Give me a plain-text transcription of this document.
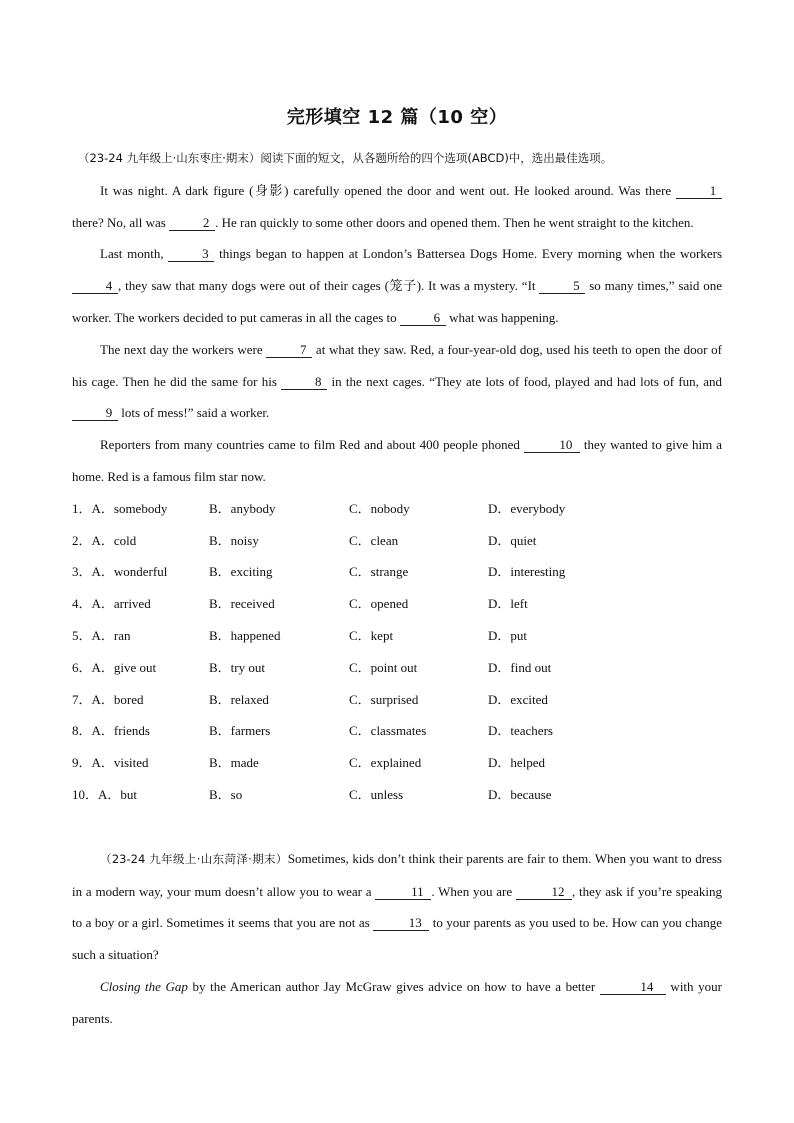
完形填空 12 篇（10 空）

（23-24 九年级上·山东枣庄·期末）阅读下面的短文，从各题所给的四个选项(ABCD)中，选出最佳选项。

It was night. A dark figure (身影) carefully opened the door and went out. He looked around. Was there	1 there? No, all was	2 . He ran quickly to some other doors and opened them. Then he went straight to the kitchen.

Last month,	3 things began to happen at London’s Battersea Dogs Home. Every morning when the workers 4 , they saw that many dogs were out of their cages (笼子). It was a mystery. “It	5 so many times,” said one worker. The workers decided to put cameras in all the cages to	6 what was happening.

The next day the workers were	7 at what they saw. Red, a four-year-old dog, used his teeth to open the door of his cage. Then he did the same for his	8 in the next cages. “They ate lots of food, played and had lots of fun, and 9 lots of mess!” said a worker.

Reporters from many countries came to film Red and about 400 people phoned	10 they wanted to give him a home. Red is a famous film star now.

1．A．somebody	B．anybody	C．nobody	D．everybody
2．A．cold	B．noisy	C．clean	D．quiet
3．A．wonderful	B．exciting	C．strange	D．interesting
4．A．arrived	B．received	C．opened	D．left
5．A．ran	B．happened	C．kept	D．put
6．A．give out	B．try out	C．point out	D．find out
7．A．bored	B．relaxed	C．surprised	D．excited
8．A．friends	B．farmers	C．classmates	D．teachers
9．A．visited	B．made	C．explained	D．helped
10．A．but	B．so	C．unless	D．because

（23-24 九年级上·山东菏泽·期末）Sometimes, kids don’t think their parents are fair to them. When you want to dress in a modern way, your mum doesn’t allow you to wear a	11 . When you are	12 , they ask if you’re speaking to a boy or a girl. Sometimes it seems that you are not as	13 to your parents as you used to be. How can you change such a situation?

Closing the Gap by the American author Jay McGraw gives advice on how to have a better	14 with your parents.
